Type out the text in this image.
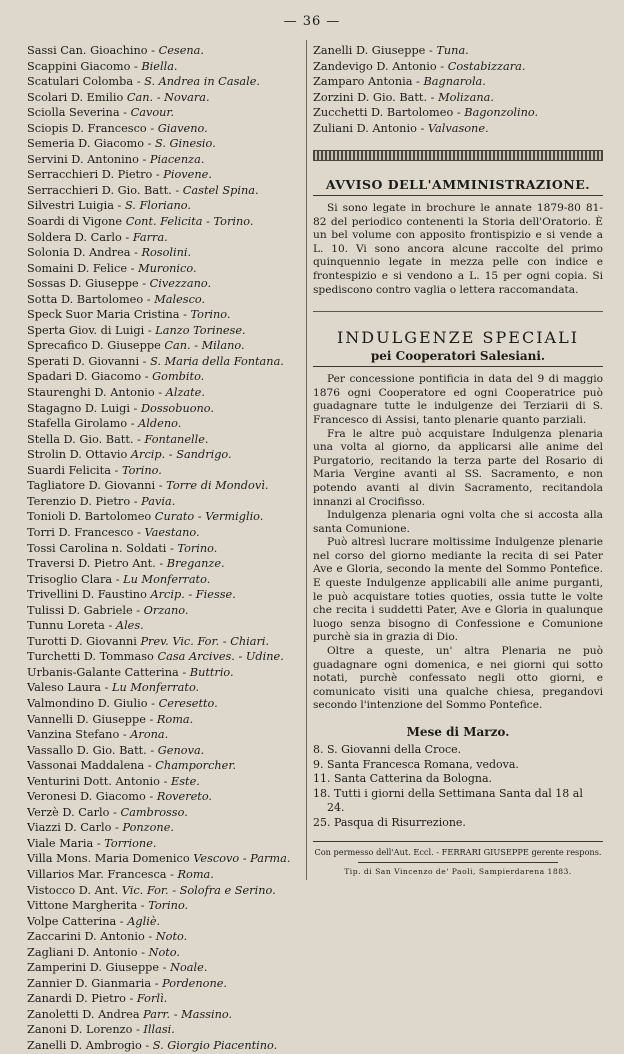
— 36 —
Sassi Can. Gioachino - Cesena.
Scappini Giacomo - Biella.
Scatulari Colomba - S. Andrea in Casale.
Scolari D. Emilio Can. - Novara.
Sciolla Severina - Cavour.
Sciopis D. Francesco - Giaveno.
Semeria D. Giacomo - S. Ginesio.
Servini D. Antonino - Piacenza.
Serracchieri D. Pietro - Piovene.
Serracchieri D. Gio. Batt. - Castel Spina.
Silvestri Luigia - S. Floriano.
Soardi di Vigone Cont. Felicita - Torino.
Soldera D. Carlo - Farra.
Solonia D. Andrea - Rosolini.
Somaini D. Felice - Muronico.
Sossas D. Giuseppe - Civezzano.
Sotta D. Bartolomeo - Malesco.
Speck Suor Maria Cristina - Torino.
Sperta Giov. di Luigi - Lanzo Torinese.
Sprecafico D. Giuseppe Can. - Milano.
Sperati D. Giovanni - S. Maria della Fontana.
Spadari D. Giacomo - Gombito.
Staurenghi D. Antonio - Alzate.
Stagagno D. Luigi - Dossobuono.
Stafella Girolamo - Aldeno.
Stella D. Gio. Batt. - Fontanelle.
Strolin D. Ottavio Arcip. - Sandrigo.
Suardi Felicita - Torino.
Tagliatore D. Giovanni - Torre di Mondovì.
Terenzio D. Pietro - Pavia.
Tonioli D. Bartolomeo Curato - Vermiglio.
Torri D. Francesco - Vaestano.
Tossi Carolina n. Soldati - Torino.
Traversi D. Pietro Ant. - Breganze.
Trisoglio Clara - Lu Monferrato.
Trivellini D. Faustino Arcip. - Fiesse.
Tulissi D. Gabriele - Orzano.
Tunnu Loreta - Ales.
Turotti D. Giovanni Prev. Vic. For. - Chiari.
Turchetti D. Tommaso Casa Arcives. - Udine.
Urbanis-Galante Catterina - Buttrio.
Valeso Laura - Lu Monferrato.
Valmondino D. Giulio - Ceresetto.
Vannelli D. Giuseppe - Roma.
Vanzina Stefano - Arona.
Vassallo D. Gio. Batt. - Genova.
Vassonai Maddalena - Champorcher.
Venturini Dott. Antonio - Este.
Veronesi D. Giacomo - Rovereto.
Verzè D. Carlo - Cambrosso.
Viazzi D. Carlo - Ponzone.
Viale Maria - Torrione.
Villa Mons. Maria Domenico Vescovo - Parma.
Villarios Mar. Francesca - Roma.
Vistocco D. Ant. Vic. For. - Solofra e Serino.
Vittone Margherita - Torino.
Volpe Catterina - Agliè.
Zaccarini D. Antonio - Noto.
Zagliani D. Antonio - Noto.
Zamperini D. Giuseppe - Noale.
Zannier D. Gianmaria - Pordenone.
Zanardi D. Pietro - Forlì.
Zanoletti D. Andrea Parr. - Massino.
Zanoni D. Lorenzo - Illasi.
Zanelli D. Ambrogio - S. Giorgio Piacentino.
Zanelli D. Giuseppe - Tuna.
Zandevigo D. Antonio - Costabizzara.
Zamparo Antonia - Bagnarola.
Zorzini D. Gio. Batt. - Molizana.
Zucchetti D. Bartolomeo - Bagonzolino.
Zuliani D. Antonio - Valvasone.
AVVISO DELL'AMMINISTRAZIONE.

Si sono legate in brochure le annate 1879-80 81-82 del periodico contenenti la Storia dell'Oratorio. È un bel volume con apposito frontispizio e si vende a L. 10. Vi sono ancora alcune raccolte del primo quinquennio legate in mezza pelle con indice e frontespizio e si vendono a L. 15 per ogni copia. Si spediscono contro vaglia o lettera raccomandata.

INDULGENZE SPECIALI
pei Cooperatori Salesiani.

Per concessione pontificia in data del 9 di maggio 1876 ogni Cooperatore ed ogni Cooperatrice può guadagnare tutte le indulgenze dei Terziarii di S. Francesco di Assisi, tanto plenarie quanto parziali.

Fra le altre può acquistare Indulgenza plenaria una volta al giorno, da applicarsi alle anime del Purgatorio, recitando la terza parte del Rosario di Maria Vergine avanti al SS. Sacramento, e non potendo avanti al divin Sacramento, recitandola innanzi al Crocifisso.

Indulgenza plenaria ogni volta che si accosta alla santa Comunione.

Può altresì lucrare moltissime Indulgenze plenarie nel corso del giorno mediante la recita di sei Pater Ave e Gloria, secondo la mente del Sommo Pontefice. E queste Indulgenze applicabili alle anime purganti, le può acquistare toties quoties, ossia tutte le volte che recita i suddetti Pater, Ave e Gloria in qualunque luogo senza bisogno di Confessione e Comunione purchè sia in grazia di Dio.

Oltre a queste, un' altra Plenaria ne può guadagnare ogni domenica, e nei giorni qui sotto notati, purchè confessato negli otto giorni, e comunicato visiti una qualche chiesa, pregandovi secondo l'intenzione del Sommo Pontefice.

Mese di Marzo.
8. S. Giovanni della Croce.
9. Santa Francesca Romana, vedova.
11. Santa Catterina da Bologna.
18. Tutti i giorni della Settimana Santa dal 18 al 24.
25. Pasqua di Risurrezione.
Con permesso dell'Aut. Eccl. - FERRARI GIUSEPPE gerente respons.
Tip. di San Vincenzo de' Paoli, Sampierdarena 1883.
